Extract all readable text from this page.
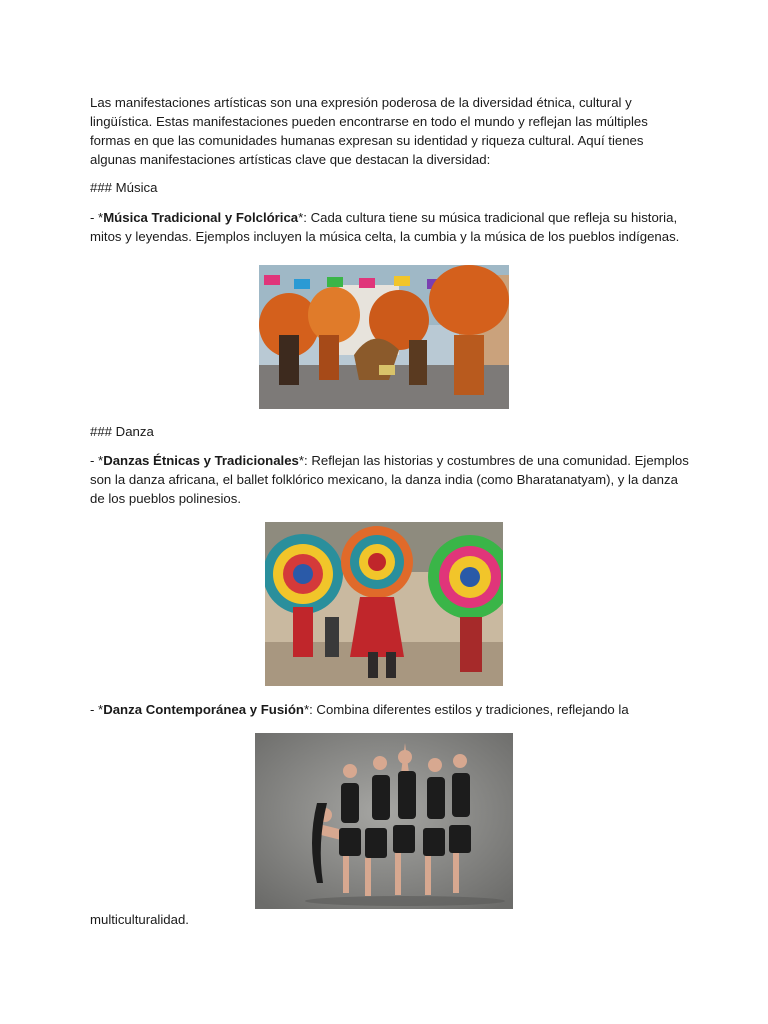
Las manifestaciones artísticas son una expresión poderosa de la diversidad étnica, cultural y lingüística. Estas manifestaciones pueden encontrarse en todo el mundo y reflejan las múltiples formas en que las comunidades humanas expresan su identidad y riqueza cultural. Aquí tienes algunas manifestaciones artísticas clave que destacan la diversidad:

### Música

- *Música Tradicional y Folclórica*: Cada cultura tiene su música tradicional que refleja su historia, mitos y leyendas. Ejemplos incluyen la música celta, la cumbia y la música de los pueblos indígenas.

### Danza

- *Danzas Étnicas y Tradicionales*: Reflejan las historias y costumbres de una comunidad. Ejemplos son la danza africana, el ballet folklórico mexicano, la danza india (como Bharatanatyam), y la danza de los pueblos polinesios.

- *Danza Contemporánea y Fusión*: Combina diferentes estilos y tradiciones, reflejando la

multiculturalidad.
